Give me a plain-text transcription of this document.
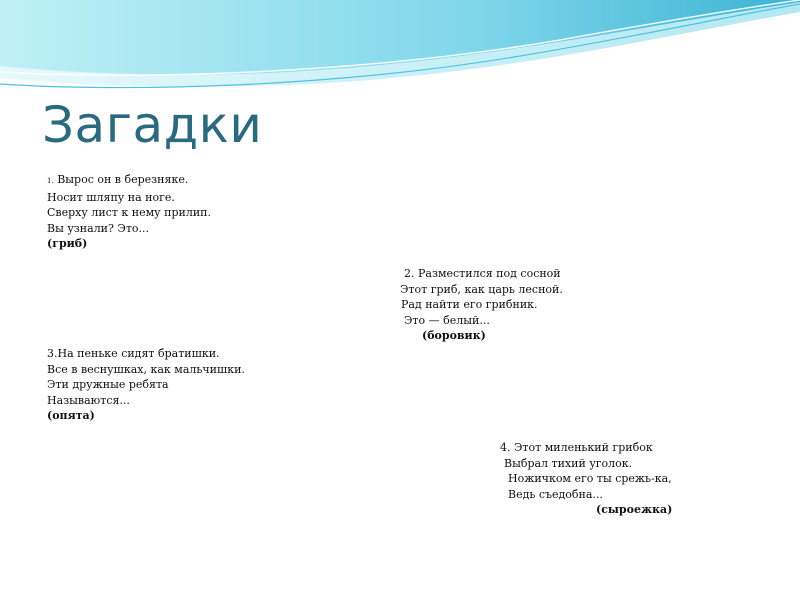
Загадки
1. Вырос он в березняке.
Носит шляпу на ноге.
Сверху лист к нему прилип.
Вы узнали? Это...
(гриб)
2. Разместился под сосной
Этот гриб, как царь лесной.
Рад найти его грибник.
Это — белый...
(боровик)
3.На пеньке сидят братишки.
Все в веснушках, как мальчишки.
Эти дружные ребята
Называются...
(опята)
4. Этот миленький грибок
Выбрал тихий уголок.
Ножичком его ты срежь-ка,
Ведь съедобна...
(сыроежка)
